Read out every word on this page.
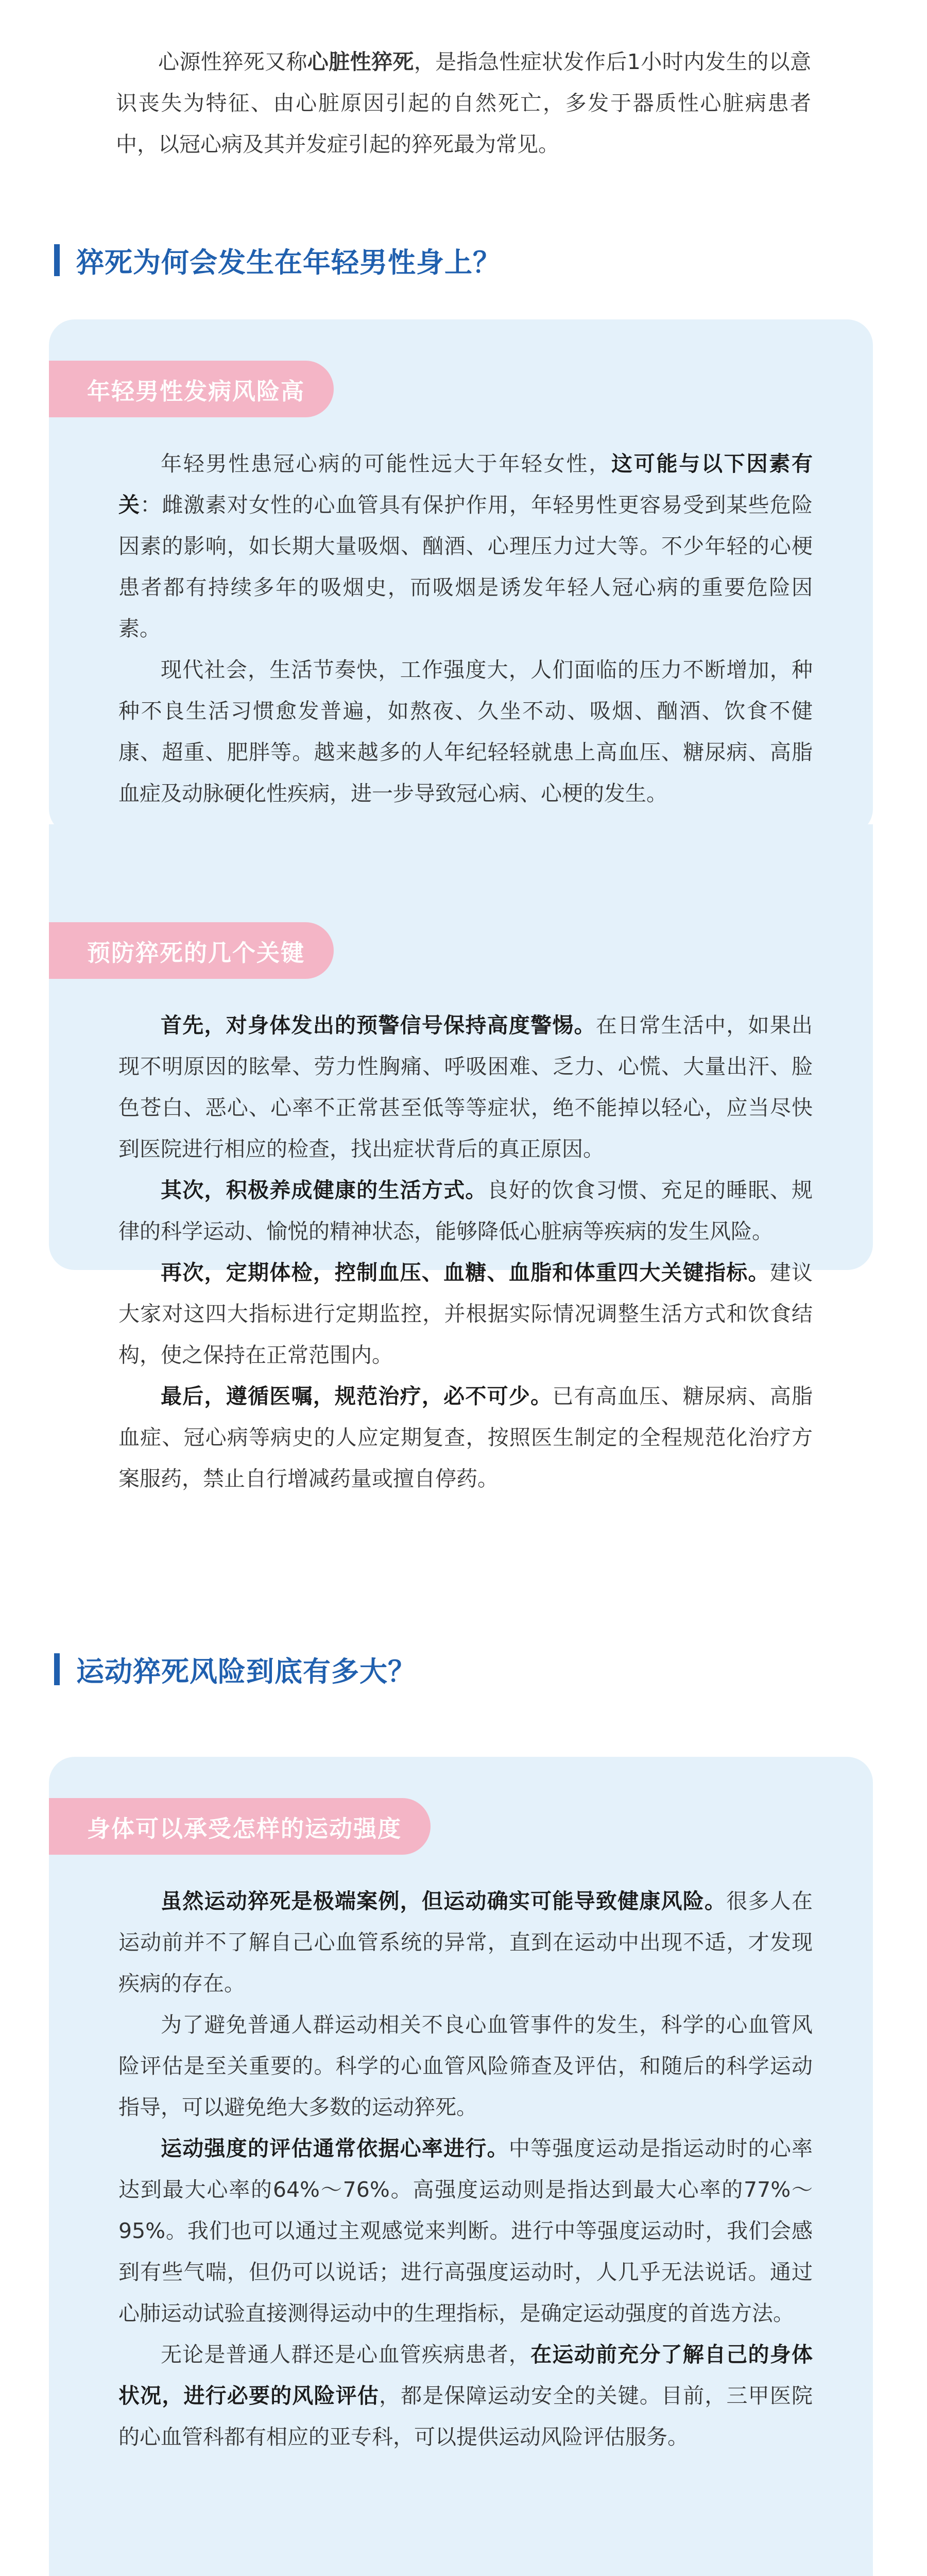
心源性猝死又称心脏性猝死，是指急性症状发作后1小时内发生的以意识丧失为特征、由心脏原因引起的自然死亡，多发于器质性心脏病患者中，以冠心病及其并发症引起的猝死最为常见。
猝死为何会发生在年轻男性身上？
年轻男性发病风险高

年轻男性患冠心病的可能性远大于年轻女性，这可能与以下因素有关：雌激素对女性的心血管具有保护作用，年轻男性更容易受到某些危险因素的影响，如长期大量吸烟、酗酒、心理压力过大等。不少年轻的心梗患者都有持续多年的吸烟史，而吸烟是诱发年轻人冠心病的重要危险因素。

现代社会，生活节奏快，工作强度大，人们面临的压力不断增加，种种不良生活习惯愈发普遍，如熬夜、久坐不动、吸烟、酗酒、饮食不健康、超重、肥胖等。越来越多的人年纪轻轻就患上高血压、糖尿病、高脂血症及动脉硬化性疾病，进一步导致冠心病、心梗的发生。

预防猝死的几个关键

首先，对身体发出的预警信号保持高度警惕。在日常生活中，如果出现不明原因的眩晕、劳力性胸痛、呼吸困难、乏力、心慌、大量出汗、脸色苍白、恶心、心率不正常甚至低等等症状，绝不能掉以轻心，应当尽快到医院进行相应的检查，找出症状背后的真正原因。

其次，积极养成健康的生活方式。良好的饮食习惯、充足的睡眠、规律的科学运动、愉悦的精神状态，能够降低心脏病等疾病的发生风险。

再次，定期体检，控制血压、血糖、血脂和体重四大关键指标。建议大家对这四大指标进行定期监控，并根据实际情况调整生活方式和饮食结构，使之保持在正常范围内。

最后，遵循医嘱，规范治疗，必不可少。已有高血压、糖尿病、高脂血症、冠心病等病史的人应定期复查，按照医生制定的全程规范化治疗方案服药，禁止自行增减药量或擅自停药。

运动猝死风险到底有多大？
身体可以承受怎样的运动强度

虽然运动猝死是极端案例，但运动确实可能导致健康风险。很多人在运动前并不了解自己心血管系统的异常，直到在运动中出现不适，才发现疾病的存在。

为了避免普通人群运动相关不良心血管事件的发生，科学的心血管风险评估是至关重要的。科学的心血管风险筛查及评估，和随后的科学运动指导，可以避免绝大多数的运动猝死。

运动强度的评估通常依据心率进行。中等强度运动是指运动时的心率达到最大心率的64%～76%。高强度运动则是指达到最大心率的77%～95%。我们也可以通过主观感觉来判断。进行中等强度运动时，我们会感到有些气喘，但仍可以说话；进行高强度运动时，人几乎无法说话。通过心肺运动试验直接测得运动中的生理指标，是确定运动强度的首选方法。

无论是普通人群还是心血管疾病患者，在运动前充分了解自己的身体状况，进行必要的风险评估，都是保障运动安全的关键。目前，三甲医院的心血管科都有相应的亚专科，可以提供运动风险评估服务。
